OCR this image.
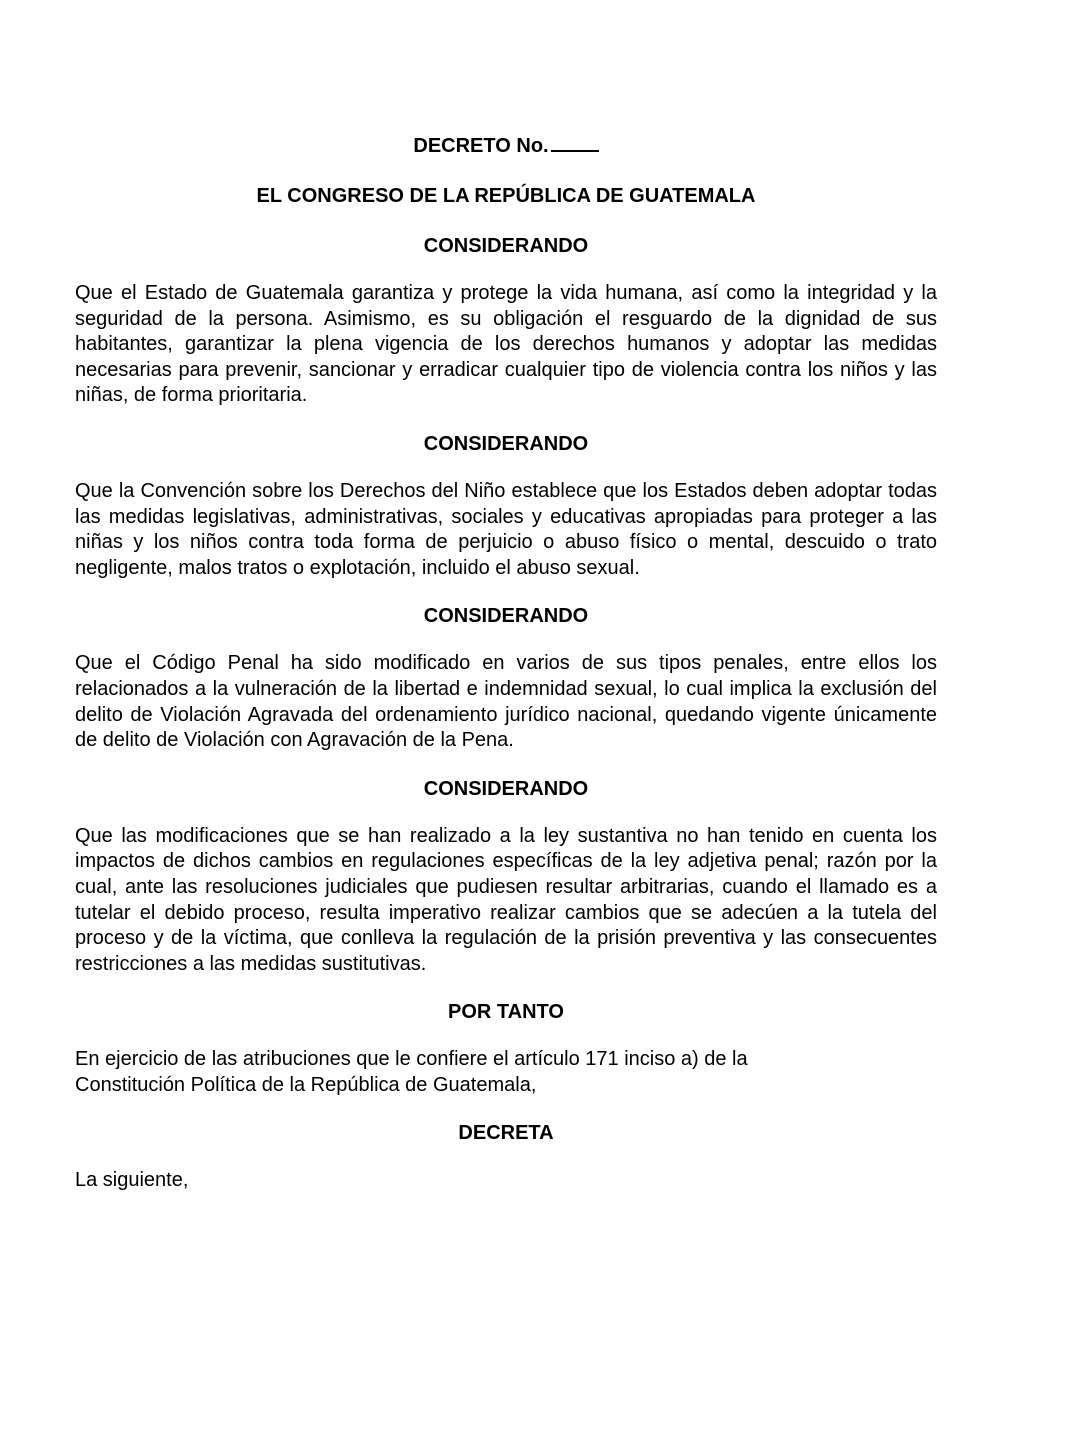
DECRETO No.
EL CONGRESO DE LA REPÚBLICA DE GUATEMALA
CONSIDERANDO

Que el Estado de Guatemala garantiza y protege la vida humana, así como la integridad y la seguridad de la persona. Asimismo, es su obligación el resguardo de la dignidad de sus habitantes, garantizar la plena vigencia de los derechos humanos y adoptar las medidas necesarias para prevenir, sancionar y erradicar cualquier tipo de violencia contra los niños y las niñas, de forma prioritaria.

CONSIDERANDO

Que la Convención sobre los Derechos del Niño establece que los Estados deben adoptar todas las medidas legislativas, administrativas, sociales y educativas apropiadas para proteger a las niñas y los niños contra toda forma de perjuicio o abuso físico o mental, descuido o trato negligente, malos tratos o explotación, incluido el abuso sexual.

CONSIDERANDO

Que el Código Penal ha sido modificado en varios de sus tipos penales, entre ellos los relacionados a la vulneración de la libertad e indemnidad sexual, lo cual implica la exclusión del delito de Violación Agravada del ordenamiento jurídico nacional, quedando vigente únicamente de delito de Violación con Agravación de la Pena.

CONSIDERANDO

Que las modificaciones que se han realizado a la ley sustantiva no han tenido en cuenta los impactos de dichos cambios en regulaciones específicas de la ley adjetiva penal; razón por la cual, ante las resoluciones judiciales que pudiesen resultar arbitrarias, cuando el llamado es a tutelar el debido proceso, resulta imperativo realizar cambios que se adecúen a la tutela del proceso y de la víctima, que conlleva la regulación de la prisión preventiva y las consecuentes restricciones a las medidas sustitutivas.

POR TANTO

En ejercicio de las atribuciones que le confiere el artículo 171 inciso a) de la
Constitución Política de la República de Guatemala,

DECRETA

La siguiente,
